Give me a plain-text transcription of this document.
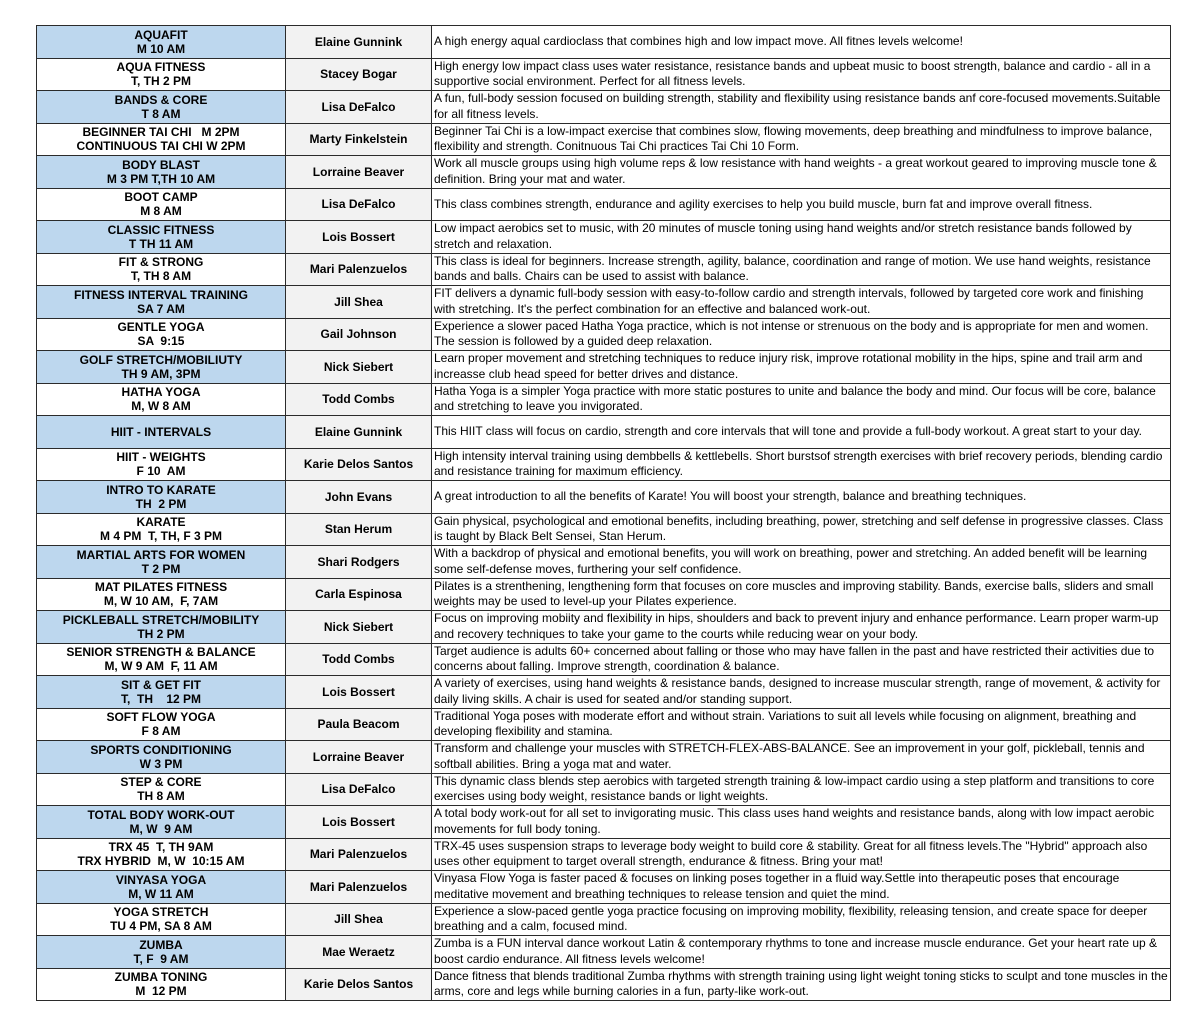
AQUAFIT
M 10 AM	Elaine Gunnink	A high energy aqual cardioclass that combines high and low impact move. All fitnes levels welcome!

AQUA FITNESS
T, TH 2 PM	Stacey Bogar	High energy low impact class uses water resistance, resistance bands and upbeat music to boost strength, balance and cardio - all in a supportive social environment. Perfect for all fitness levels.

BANDS & CORE
T 8 AM	Lisa DeFalco	A fun, full-body session focused on building strength, stability and flexibility using resistance bands anf core-focused movements.Suitable for all fitness levels.

BEGINNER TAI CHI   M 2PM
CONTINUOUS TAI CHI W 2PM	Marty Finkelstein	Beginner Tai Chi is a low-impact exercise that combines slow, flowing movements, deep breathing and mindfulness to improve balance, flexibility and strength. Conitnuous Tai Chi practices Tai Chi 10 Form.

BODY BLAST
M 3 PM T,TH 10 AM	Lorraine Beaver	Work all muscle groups using high volume reps & low resistance with hand weights - a great workout geared to improving muscle tone & definition. Bring your mat and water.

BOOT CAMP
M 8 AM	Lisa DeFalco	This class combines strength, endurance and agility exercises to help you build muscle, burn fat and improve overall fitness.

CLASSIC FITNESS
T TH 11 AM	Lois Bossert	Low impact aerobics set to music, with 20 minutes of muscle toning using hand weights and/or stretch resistance bands followed by stretch and relaxation.

FIT & STRONG
T, TH 8 AM	Mari Palenzuelos	This class is ideal for beginners. Increase strength, agility, balance, coordination and range of motion. We use hand weights, resistance bands and balls. Chairs can be used to assist with balance.

FITNESS INTERVAL TRAINING
SA 7 AM	Jill Shea	FIT delivers a dynamic full-body session with easy-to-follow cardio and strength intervals, followed by targeted core work and finishing with stretching. It's the perfect combination for an effective and balanced work-out.

GENTLE YOGA
SA  9:15	Gail Johnson	Experience a slower paced Hatha Yoga practice, which is not intense or strenuous on the body and is appropriate for men and women. The session is followed by a guided deep relaxation.

GOLF STRETCH/MOBILIUTY
TH 9 AM, 3PM	Nick Siebert	Learn proper movement and stretching techniques to reduce injury risk, improve rotational mobility in the hips, spine and trail arm and increasse club head speed for better drives and distance.

HATHA YOGA
M, W 8 AM	Todd Combs	Hatha Yoga is a simpler Yoga practice with more static postures to unite and balance the body and mind. Our focus will be core, balance and stretching to leave you invigorated.

HIIT - INTERVALS	Elaine Gunnink	This HIIT class will focus on cardio, strength and core intervals that will tone and provide a full-body workout. A great start to your day.

HIIT - WEIGHTS
F 10  AM	Karie Delos Santos	High intensity interval training using dembbells & kettlebells. Short burstsof strength exercises with brief recovery periods, blending cardio and resistance training for maximum efficiency.

INTRO TO KARATE
TH  2 PM	John Evans	A great introduction to all the benefits of Karate! You will boost your strength, balance and breathing techniques.

KARATE
M 4 PM  T, TH, F 3 PM	Stan Herum	Gain physical, psychological and emotional benefits, including breathing, power, stretching and self defense in progressive classes. Class is taught by Black Belt Sensei, Stan Herum.

MARTIAL ARTS FOR WOMEN
T 2 PM	Shari Rodgers	With a backdrop of physical and emotional benefits, you will work on breathing, power and stretching. An added benefit will be learning some self-defense moves, furthering your self confidence.

MAT PILATES FITNESS
M, W 10 AM,  F, 7AM	Carla Espinosa	Pilates is a strenthening, lengthening form that focuses on core muscles and improving stability. Bands, exercise balls, sliders and small weights may be used to level-up your Pilates experience.

PICKLEBALL STRETCH/MOBILITY
TH 2 PM	Nick Siebert	Focus on improving mobiity and flexibility in hips, shoulders and back to prevent injury and enhance performance. Learn proper warm-up and recovery techniques to take your game to the courts while reducing wear on your body.

SENIOR STRENGTH & BALANCE
M, W 9 AM  F, 11 AM	Todd Combs	Target audience is adults 60+ concerned about falling or those who may have fallen in the past and have restricted their activities due to concerns about falling. Improve strength, coordination & balance.

SIT & GET FIT
T,  TH    12 PM	Lois Bossert	A variety of exercises, using hand weights & resistance bands, designed to increase muscular strength, range of movement, & activity for daily living skills. A chair is used for seated and/or standing support.

SOFT FLOW YOGA
F 8 AM	Paula Beacom	Traditional Yoga poses with moderate effort and without strain. Variations to suit all levels while focusing on alignment, breathing and developing flexibility and stamina.

SPORTS CONDITIONING
W 3 PM	Lorraine Beaver	Transform and challenge your muscles with STRETCH-FLEX-ABS-BALANCE. See an improvement in your golf, pickleball, tennis and softball abilities. Bring a yoga mat and water.

STEP & CORE
TH 8 AM	Lisa DeFalco	This dynamic class blends step aerobics with targeted strength training & low-impact cardio using a step platform and transitions to core exercises using body weight, resistance bands or light weights.

TOTAL BODY WORK-OUT
M, W  9 AM	Lois Bossert	A total body work-out for all set to invigorating music. This class uses hand weights and resistance bands, along with low impact aerobic movements for full body toning.

TRX 45  T, TH 9AM
TRX HYBRID  M, W  10:15 AM	Mari Palenzuelos	TRX-45 uses suspension straps to leverage body weight to build core & stability. Great for all fitness levels.The "Hybrid" approach also uses other equipment to target overall strength, endurance & fitness. Bring your mat!

VINYASA YOGA
M, W 11 AM	Mari Palenzuelos	Vinyasa Flow Yoga is faster paced & focuses on linking poses together in a fluid way.Settle into therapeutic poses that encourage meditative movement and breathing techniques to release tension and quiet the mind.

YOGA STRETCH
TU 4 PM, SA 8 AM	Jill Shea	Experience a slow-paced gentle yoga practice focusing on improving mobility, flexibility, releasing tension, and create space for deeper breathing and a calm, focused mind.

ZUMBA
T, F  9 AM	Mae Weraetz	Zumba is a FUN interval dance workout Latin & contemporary rhythms to tone and increase muscle endurance. Get your heart rate up & boost cardio endurance. All fitness levels welcome!

ZUMBA TONING
M  12 PM	Karie Delos Santos	Dance fitness that blends traditional Zumba rhythms with strength training using light weight toning sticks to sculpt and tone muscles in the arms, core and legs while burning calories in a fun, party-like work-out.
